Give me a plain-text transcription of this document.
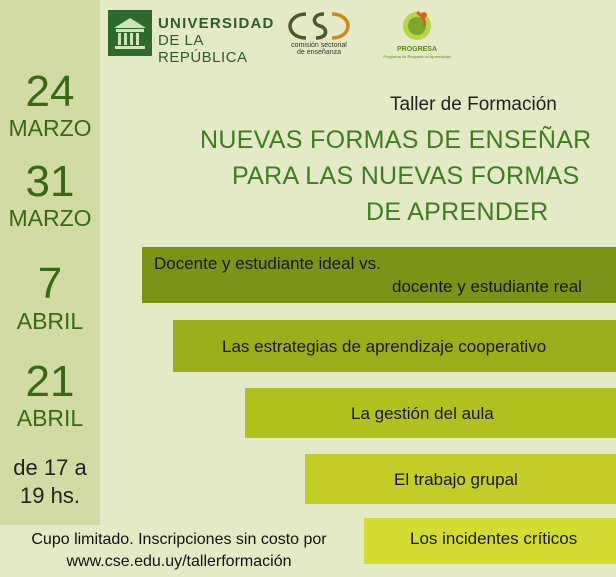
24
MARZO
31
MARZO
7
ABRIL
21
ABRIL
de 17 a
19 hs.
UNIVERSIDAD
DE LA REPÚBLICA
comisión sectorial
de enseñanza	PROGRESA
Programa de Respaldo al Aprendizaje
Taller de Formación
NUEVAS FORMAS DE ENSEÑAR
PARA LAS NUEVAS FORMAS
DE APRENDER
Docente y estudiante ideal vs.
docente y estudiante real
Las estrategias de aprendizaje cooperativo
La gestión del aula
El trabajo grupal
Los incidentes críticos
Cupo limitado. Inscripciones sin costo por
www.cse.edu.uy/tallerformación
